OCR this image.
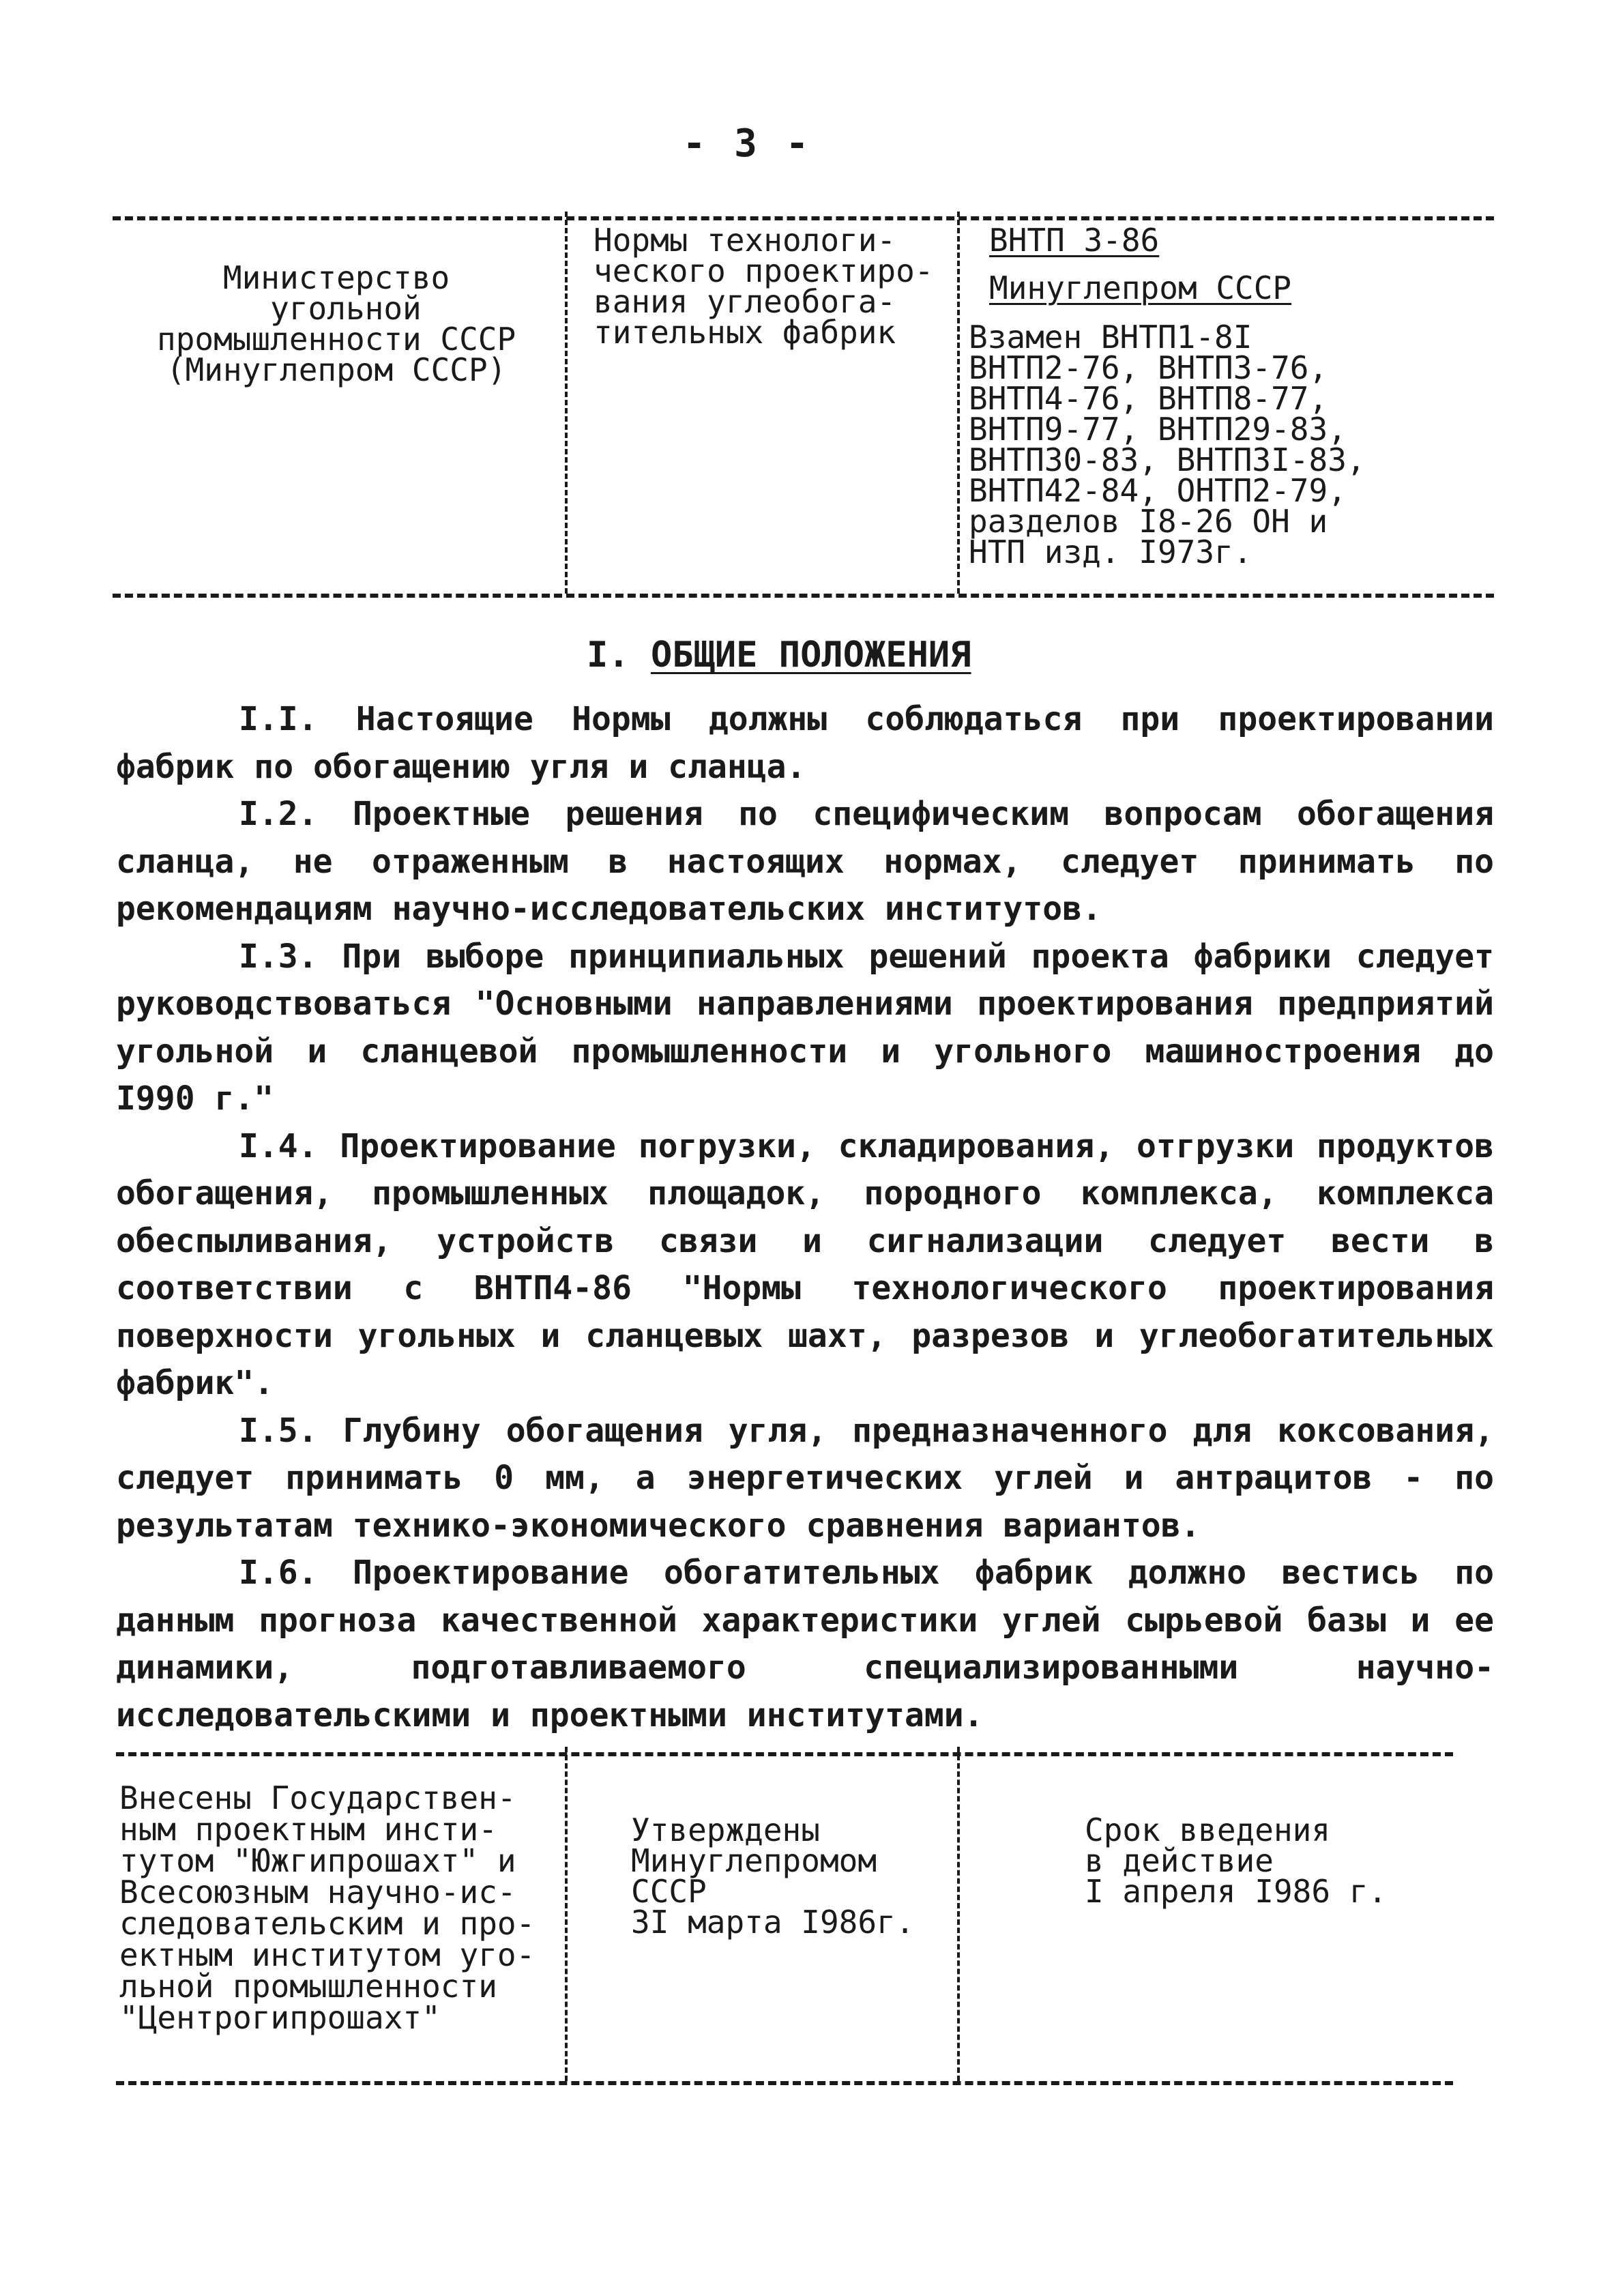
- 3 -
Министерство
угольной
промышленности СССР
(Минуглепром СССР)
Нормы технологи-
ческого проектиро-
вания углеобога-
тительных фабрик
ВНТП 3-86
Минуглепром СССР
Взамен ВНТП1-8I
ВНТП2-76, ВНТП3-76,
ВНТП4-76, ВНТП8-77,
ВНТП9-77, ВНТП29-83,
ВНТП30-83, ВНТП3I-83,
ВНТП42-84, ОНТП2-79,
разделов I8-26 ОН и
НТП изд. I973г.
I. ОБЩИЕ ПОЛОЖЕНИЯ

I.I. Настоящие Нормы должны соблюдаться при проектировании фабрик по обогащению угля и сланца.

I.2. Проектные решения по специфическим вопросам обогащения сланца, не отраженным в настоящих нормах, следует принимать по рекомендациям научно-исследовательских институтов.

I.3. При выборе принципиальных решений проекта фабрики следует руководствоваться "Основными направлениями проектирования предприятий угольной и сланцевой промышленности и угольного машиностроения до I990 г."

I.4. Проектирование погрузки, складирования, отгрузки продуктов обогащения, промышленных площадок, породного комплекса, комплекса обеспыливания, устройств связи и сигнализации следует вести в соответствии с ВНТП4-86 "Нормы технологического проектирования поверхности угольных и сланцевых шахт, разрезов и углеобогатительных фабрик".

I.5. Глубину обогащения угля, предназначенного для коксования, следует принимать 0 мм, а энергетических углей и антрацитов - по результатам технико-экономического сравнения вариантов.

I.6. Проектирование обогатительных фабрик должно вестись по данным прогноза качественной характеристики углей сырьевой базы и ее динамики, подготавливаемого специализированными научно-исследовательскими и проектными институтами.

Внесены Государствен-
ным проектным инсти-
тутом "Южгипрошахт" и
Всесоюзным научно-ис-
следовательским и про-
ектным институтом уго-
льной промышленности
"Центрогипрошахт"
Утверждены
Минуглепромом
СССР
3I марта I986г.
Срок введения
в действие
I апреля I986 г.
